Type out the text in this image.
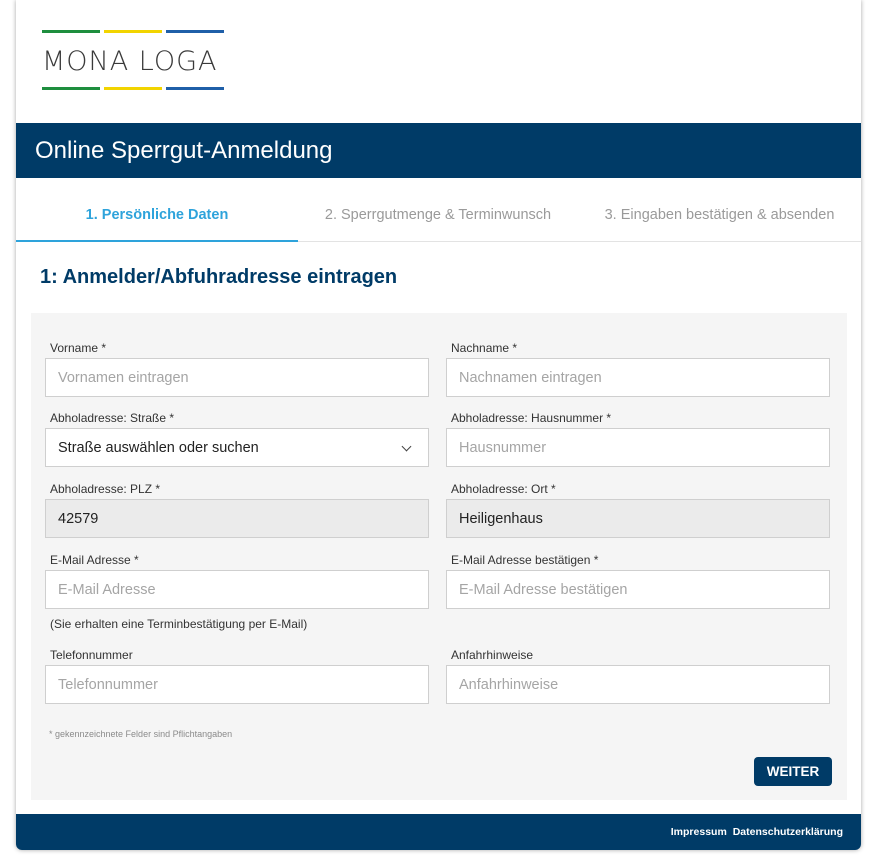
MONA LOGA
Online Sperrgut-Anmeldung
1. Persönliche Daten	2. Sperrgutmenge & Terminwunsch	3. Eingaben bestätigen & absenden
1: Anmelder/Abfuhradresse eintragen
Vorname *
Vornamen eintragen
Nachname *
Nachnamen eintragen
Abholadresse: Straße *
Straße auswählen oder suchen
Abholadresse: Hausnummer *
Hausnummer
Abholadresse: PLZ *
42579
Abholadresse: Ort *
Heiligenhaus
E-Mail Adresse *
E-Mail Adresse
(Sie erhalten eine Terminbestätigung per E-Mail)
E-Mail Adresse bestätigen *
E-Mail Adresse bestätigen
Telefonnummer
Telefonnummer
Anfahrhinweise
Anfahrhinweise
* gekennzeichnete Felder sind Pflichtangaben
WEITER
Impressum Datenschutzerklärung
